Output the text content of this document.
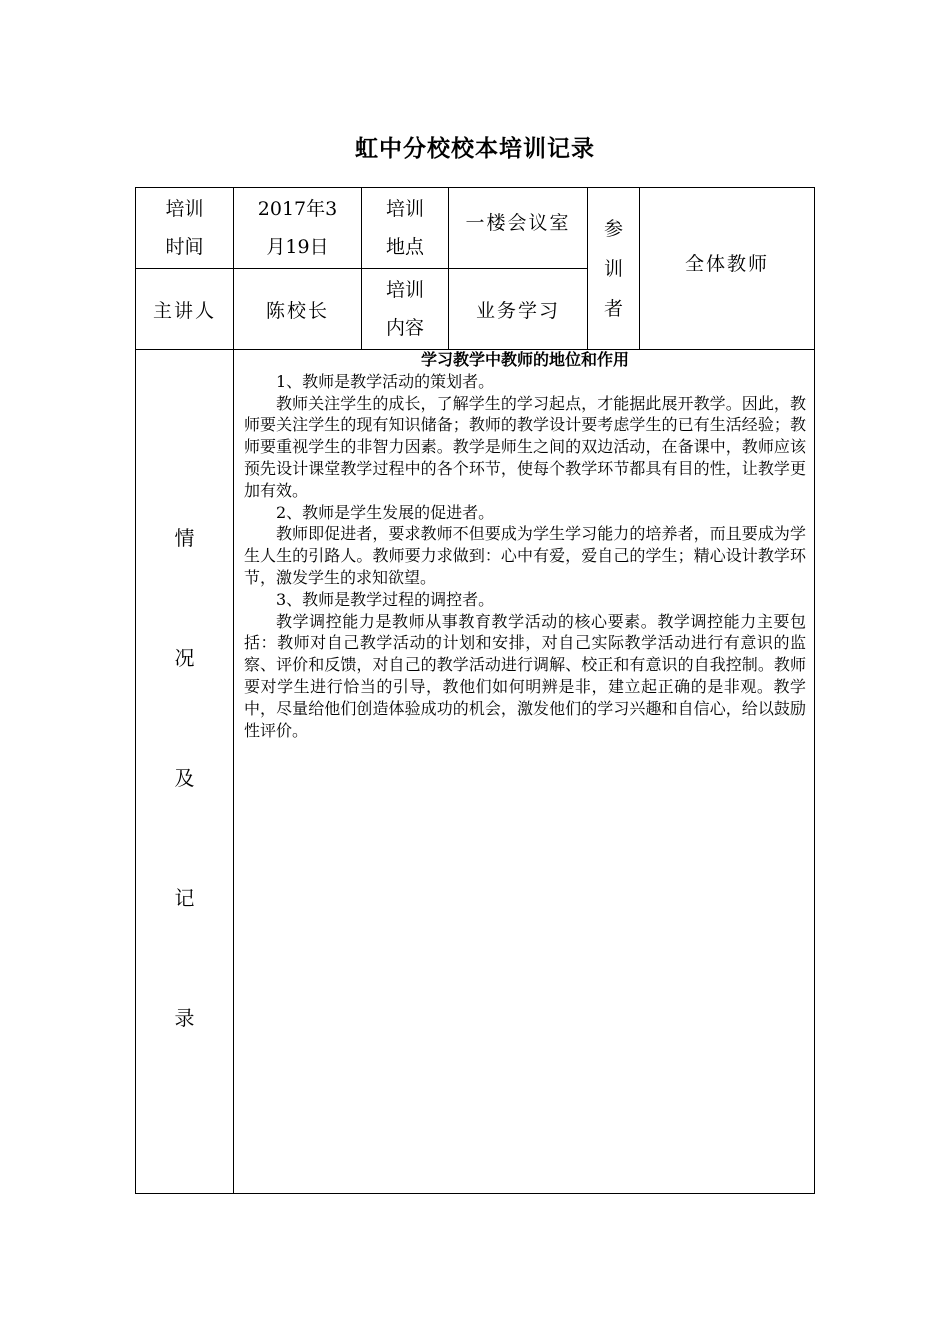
虹中分校校本培训记录
培训
时间
2017年3
月19日
培训
地点
一楼会议室 参
训
者
全体教师
主讲人	陈校长
培训
内容
业务学习
情
况
及
记
录
学习教学中教师的地位和作用

1、教师是教学活动的策划者。

教师关注学生的成长，了解学生的学习起点，才能据此展开教学。因此，教师要关注学生的现有知识储备；教师的教学设计要考虑学生的已有生活经验；教师要重视学生的非智力因素。教学是师生之间的双边活动，在备课中，教师应该预先设计课堂教学过程中的各个环节，使每个教学环节都具有目的性，让教学更加有效。

2、教师是学生发展的促进者。

教师即促进者，要求教师不但要成为学生学习能力的培养者，而且要成为学生人生的引路人。教师要力求做到：心中有爱，爱自己的学生；精心设计教学环节，激发学生的求知欲望。

3、教师是教学过程的调控者。

教学调控能力是教师从事教育教学活动的核心要素。教学调控能力主要包括：教师对自己教学活动的计划和安排，对自己实际教学活动进行有意识的监察、评价和反馈，对自己的教学活动进行调解、校正和有意识的自我控制。教师要对学生进行恰当的引导，教他们如何明辨是非，建立起正确的是非观。教学中，尽量给他们创造体验成功的机会，激发他们的学习兴趣和自信心，给以鼓励性评价。
